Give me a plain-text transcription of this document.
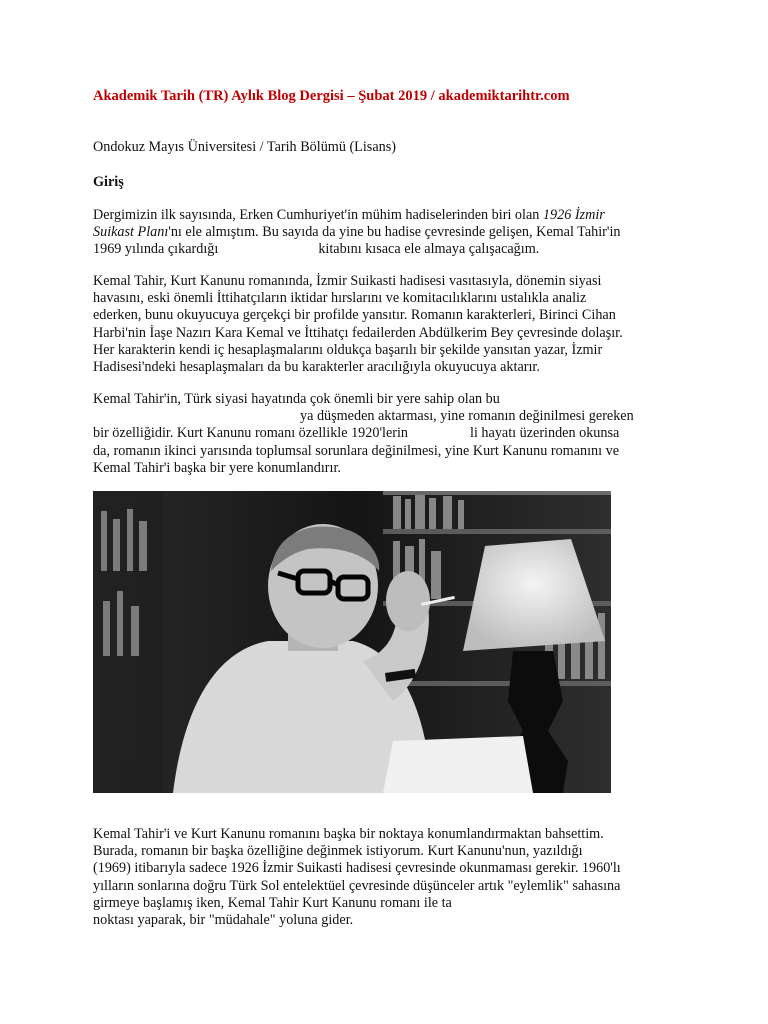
Akademik Tarih (TR) Aylık Blog Dergisi – Şubat 2019 / akademiktarihtr.com
Ondokuz Mayıs Üniversitesi / Tarih Bölümü (Lisans)
Giriş
Dergimizin ilk sayısında, Erken Cumhuriyet'in mühim hadiselerinden biri olan 1926 İzmir
Suikast Planı'nı ele almıştım. Bu sayıda da yine bu hadise çevresinde gelişen, Kemal Tahir'in
1969 yılında çıkardığı	kitabını kısaca ele almaya çalışacağım.
Kemal Tahir, Kurt Kanunu romanında, İzmir Suikasti hadisesi vasıtasıyla, dönemin siyasi
havasını, eski önemli İttihatçıların iktidar hırslarını ve komitacılıklarını ustalıkla analiz
ederken, bunu okuyucuya gerçekçi bir profilde yansıtır. Romanın karakterleri, Birinci Cihan
Harbi'nin İaşe Nazırı Kara Kemal ve İttihatçı fedailerden Abdülkerim Bey çevresinde dolaşır.
Her karakterin kendi iç hesaplaşmalarını oldukça başarılı bir şekilde yansıtan yazar, İzmir
Hadisesi'ndeki hesaplaşmaları da bu karakterler aracılığıyla okuyucuya aktarır.
Kemal Tahir'in, Türk siyasi hayatında çok önemli bir yere sahip olan bu
ya düşmeden aktarması, yine romanın değinilmesi gereken
bir özelliğidir. Kurt Kanunu romanı özellikle 1920'lerin	li hayatı üzerinden okunsa
da, romanın ikinci yarısında toplumsal sorunlara değinilmesi, yine Kurt Kanunu romanını ve
Kemal Tahir'i başka bir yere konumlandırır.
Kemal Tahir'i ve Kurt Kanunu romanını başka bir noktaya konumlandırmaktan bahsettim.
Burada, romanın bir başka özelliğine değinmek istiyorum. Kurt Kanunu'nun, yazıldığı
(1969) itibarıyla sadece 1926 İzmir Suikasti hadisesi çevresinde okunmaması gerekir. 1960'lı
yılların sonlarına doğru Türk Sol entelektüel çevresinde düşünceler artık "eylemlik" sahasına
girmeye başlamış iken, Kemal Tahir Kurt Kanunu romanı ile ta
noktası yaparak, bir "müdahale" yoluna gider.
